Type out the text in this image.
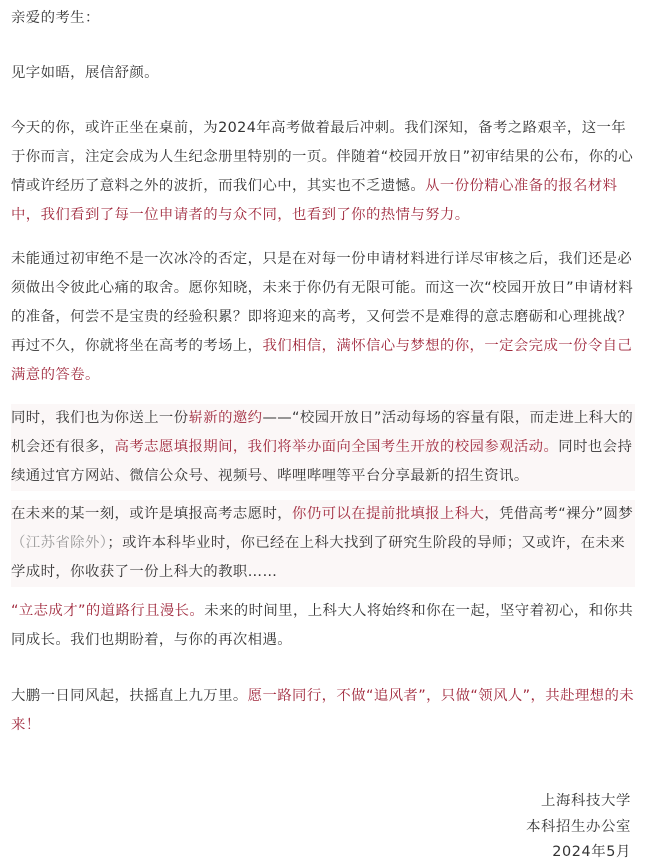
亲爱的考生：

见字如晤，展信舒颜。

今天的你，或许正坐在桌前，为2024年高考做着最后冲刺。我们深知，备考之路艰辛，这一年于你而言，注定会成为人生纪念册里特别的一页。伴随着“校园开放日”初审结果的公布，你的心情或许经历了意料之外的波折，而我们心中，其实也不乏遗憾。从一份份精心准备的报名材料中，我们看到了每一位申请者的与众不同，也看到了你的热情与努力。

未能通过初审绝不是一次冰冷的否定，只是在对每一份申请材料进行详尽审核之后，我们还是必须做出令彼此心痛的取舍。愿你知晓，未来于你仍有无限可能。而这一次“校园开放日”申请材料的准备，何尝不是宝贵的经验积累？即将迎来的高考，又何尝不是难得的意志磨砺和心理挑战？再过不久，你就将坐在高考的考场上，我们相信，满怀信心与梦想的你，一定会完成一份令自己满意的答卷。

同时，我们也为你送上一份崭新的邀约——“校园开放日”活动每场的容量有限，而走进上科大的机会还有很多，高考志愿填报期间，我们将举办面向全国考生开放的校园参观活动。同时也会持续通过官方网站、微信公众号、视频号、哔哩哔哩等平台分享最新的招生资讯。

在未来的某一刻，或许是填报高考志愿时，你仍可以在提前批填报上科大，凭借高考“裸分”圆梦（江苏省除外）；或许本科毕业时，你已经在上科大找到了研究生阶段的导师；又或许，在未来学成时，你收获了一份上科大的教职……

“立志成才”的道路行且漫长。未来的时间里，上科大人将始终和你在一起，坚守着初心，和你共同成长。我们也期盼着，与你的再次相遇。

大鹏一日同风起，扶摇直上九万里。愿一路同行，不做“追风者”，只做“领风人”，共赴理想的未来！

上海科技大学
本科招生办公室
2024年5月
